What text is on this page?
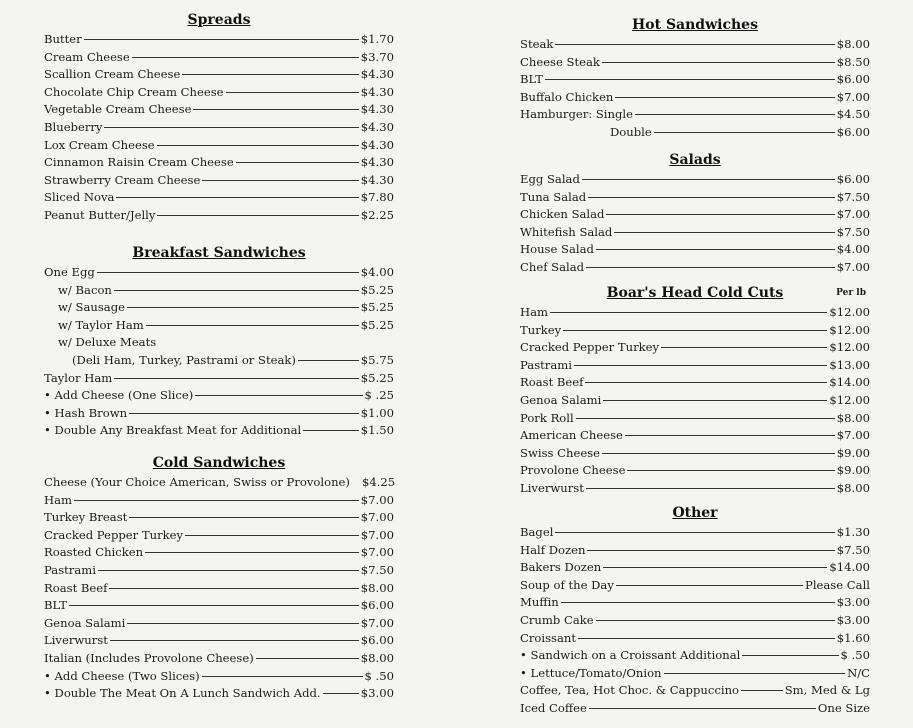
Spreads
Butter	$1.70
Cream Cheese	$3.70
Scallion Cream Cheese	$4.30
Chocolate Chip Cream Cheese	$4.30
Vegetable Cream Cheese	$4.30
Blueberry	$4.30
Lox Cream Cheese	$4.30
Cinnamon Raisin Cream Cheese	$4.30
Strawberry Cream Cheese	$4.30
Sliced Nova	$7.80
Peanut Butter/Jelly	$2.25
Breakfast Sandwiches
One Egg	$4.00
w/ Bacon	$5.25
w/ Sausage	$5.25
w/ Taylor Ham	$5.25
w/ Deluxe Meats
(Deli Ham, Turkey, Pastrami or Steak)	$5.75
Taylor Ham	$5.25
• Add Cheese (One Slice)	$ .25
• Hash Brown	$1.00
• Double Any Breakfast Meat for Additional	$1.50
Cold Sandwiches
Cheese (Your Choice American, Swiss or Provolone) $4.25
Ham	$7.00
Turkey Breast	$7.00
Cracked Pepper Turkey	$7.00
Roasted Chicken	$7.00
Pastrami	$7.50
Roast Beef	$8.00
BLT	$6.00
Genoa Salami	$7.00
Liverwurst	$6.00
Italian (Includes Provolone Cheese)	$8.00
• Add Cheese (Two Slices)	$ .50
• Double The Meat On A Lunch Sandwich Add.	$3.00
Hot Sandwiches
Steak	$8.00
Cheese Steak	$8.50
BLT	$6.00
Buffalo Chicken	$7.00
Hamburger: Single	$4.50
Double	$6.00
Salads
Egg Salad	$6.00
Tuna Salad	$7.50
Chicken Salad	$7.00
Whitefish Salad	$7.50
House Salad	$4.00
Chef Salad	$7.00
Boar's Head Cold Cuts	Per lb
Ham	$12.00
Turkey	$12.00
Cracked Pepper Turkey	$12.00
Pastrami	$13.00
Roast Beef	$14.00
Genoa Salami	$12.00
Pork Roll	$8.00
American Cheese	$7.00
Swiss Cheese	$9.00
Provolone Cheese	$9.00
Liverwurst	$8.00
Other
Bagel	$1.30
Half Dozen	$7.50
Bakers Dozen	$14.00
Soup of the Day	Please Call
Muffin	$3.00
Crumb Cake	$3.00
Croissant	$1.60
• Sandwich on a Croissant Additional	$ .50
• Lettuce/Tomato/Onion	N/C
Coffee, Tea, Hot Choc. & Cappuccino	Sm, Med & Lg
Iced Coffee	One Size
